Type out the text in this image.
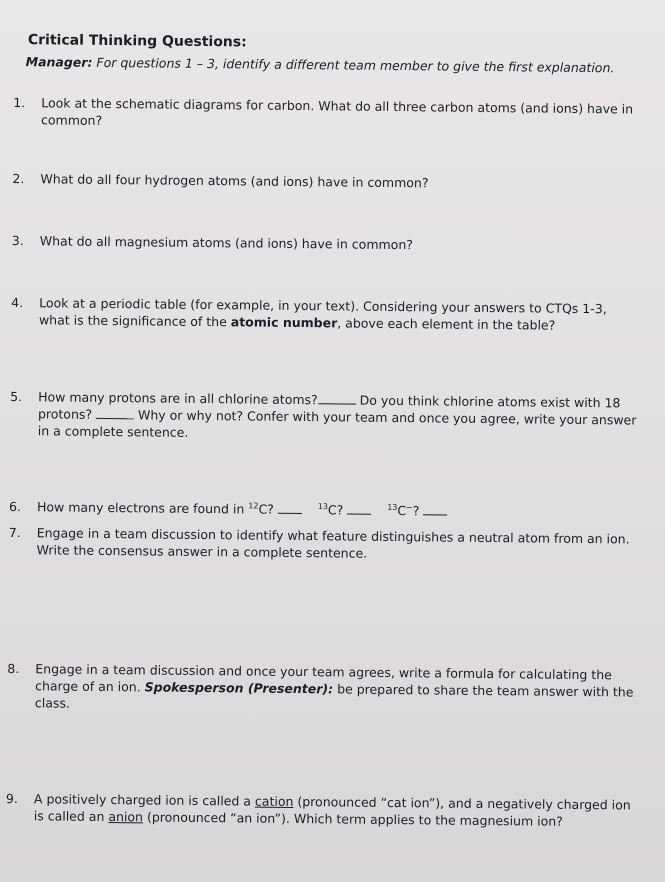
Critical Thinking Questions:
Manager: For questions 1 – 3, identify a different team member to give the first explanation.
1.	Look at the schematic diagrams for carbon. What do all three carbon atoms (and ions) have in common?
2.	What do all four hydrogen atoms (and ions) have in common?
3.	What do all magnesium atoms (and ions) have in common?
4.	Look at a periodic table (for example, in your text). Considering your answers to CTQs 1-3, what is the significance of the atomic number, above each element in the table?
5.	How many protons are in all chlorine atoms?	Do you think chlorine atoms exist with 18 protons?	Why or why not? Confer with your team and once you agree, write your answer in a complete sentence.
6.	How many electrons are found in $^{12}$C?	$^{13}$C?	$^{13}$C−?
7.	Engage in a team discussion to identify what feature distinguishes a neutral atom from an ion. Write the consensus answer in a complete sentence.
8.	Engage in a team discussion and once your team agrees, write a formula for calculating the charge of an ion. Spokesperson (Presenter): be prepared to share the team answer with the class.
9.	A positively charged ion is called a cation (pronounced “cat ion”), and a negatively charged ion is called an anion (pronounced “an ion”). Which term applies to the magnesium ion?
